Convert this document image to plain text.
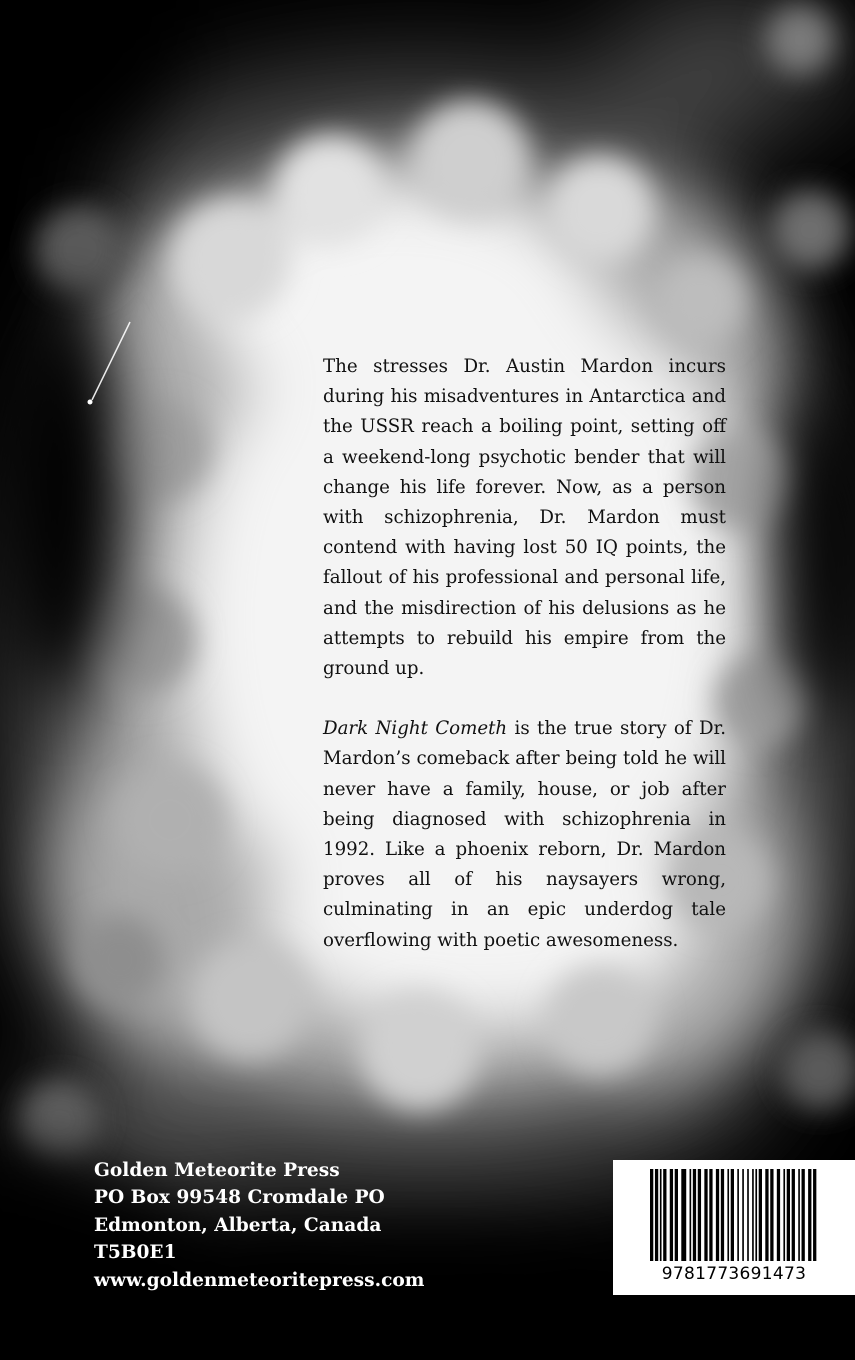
The stresses Dr. Austin Mardon incurs during his misadventures in Antarctica and the USSR reach a boiling point, setting off a weekend-long psychotic bender that will change his life forever. Now, as a person with schizophrenia, Dr. Mardon must contend with having lost 50 IQ points, the fallout of his professional and personal life, and the misdirection of his delusions as he attempts to rebuild his empire from the ground up.

Dark Night Cometh is the true story of Dr. Mardon’s comeback after being told he will never have a family, house, or job after being diagnosed with schizophrenia in 1992. Like a phoenix reborn, Dr. Mardon proves all of his naysayers wrong, culminating in an epic underdog tale overflowing with poetic awesomeness.

Golden Meteorite Press
PO Box 99548 Cromdale PO
Edmonton, Alberta, Canada
T5B0E1
www.goldenmeteoritepress.com	9781773691473
